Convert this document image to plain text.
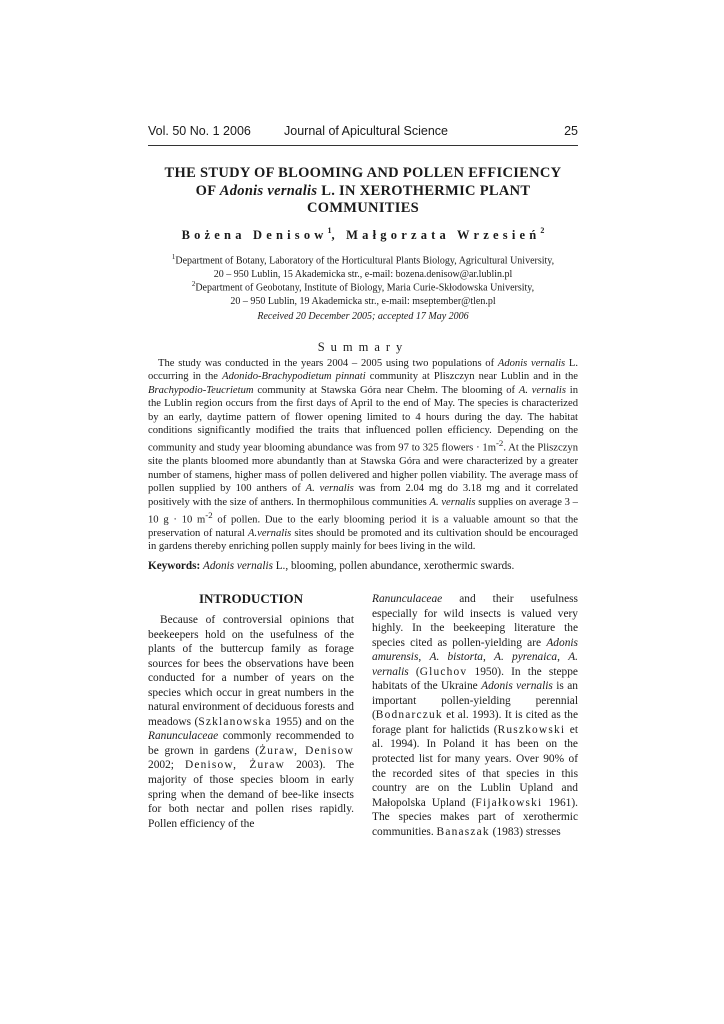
Vol. 50 No. 1 2006	Journal of Apicultural Science	25
THE STUDY OF BLOOMING AND POLLEN EFFICIENCY
OF Adonis vernalis L. IN XEROTHERMIC PLANT
COMMUNITIES
Bożena Denisow$^1$, Małgorzata Wrzesień$^2$
$^1$Department of Botany, Laboratory of the Horticultural Plants Biology, Agricultural University,
20 – 950 Lublin, 15 Akademicka str., e-mail: bozena.denisow@ar.lublin.pl
$^2$Department of Geobotany, Institute of Biology, Maria Curie-Skłodowska University,
20 – 950 Lublin, 19 Akademicka str., e-mail: mseptember@tlen.pl
Received 20 December 2005; accepted 17 May 2006
Summary

The study was conducted in the years 2004 – 2005 using two populations of Adonis vernalis L. occurring in the Adonido-Brachypodietum pinnati community at Pliszczyn near Lublin and in the Brachypodio-Teucrietum community at Stawska Góra near Chełm. The blooming of A. vernalis in the Lublin region occurs from the first days of April to the end of May. The species is characterized by an early, daytime pattern of flower opening limited to 4 hours during the day. The habitat conditions significantly modified the traits that influenced pollen efficiency. Depending on the community and study year blooming abundance was from 97 to 325 flowers · $1m^{-2}$. At the Pliszczyn site the plants bloomed more abundantly than at Stawska Góra and were characterized by a greater number of stamens, higher mass of pollen delivered and higher pollen viability. The average mass of pollen supplied by 100 anthers of A. vernalis was from 2.04 mg do 3.18 mg and it correlated positively with the size of anthers. In thermophilous communities A. vernalis supplies on average 3 – 10 g · 10 $m^{-2}$ of pollen. Due to the early blooming period it is a valuable amount so that the preservation of natural A.vernalis sites should be promoted and its cultivation should be encouraged in gardens thereby enriching pollen supply mainly for bees living in the wild.

Keywords: Adonis vernalis L., blooming, pollen abundance, xerothermic swards.
INTRODUCTION

Because of controversial opinions that beekeepers hold on the usefulness of the plants of the buttercup family as forage sources for bees the observations have been conducted for a number of years on the species which occur in great numbers in the natural environment of deciduous forests and meadows (Szklanowska 1955) and on the Ranunculaceae commonly recommended to be grown in gardens (Żuraw, Denisow 2002; Denisow, Żuraw 2003). The majority of those species bloom in early spring when the demand of bee-like insects for both nectar and pollen rises rapidly. Pollen efficiency of the

Ranunculaceae and their usefulness especially for wild insects is valued very highly. In the beekeeping literature the species cited as pollen-yielding are Adonis amurensis, A. bistorta, A. pyrenaica, A. vernalis (Gluchov 1950). In the steppe habitats of the Ukraine Adonis vernalis is an important pollen-yielding perennial (Bodnarczuk et al. 1993). It is cited as the forage plant for halictids (Ruszkowski et al. 1994). In Poland it has been on the protected list for many years. Over 90% of the recorded sites of that species in this country are on the Lublin Upland and Małopolska Upland (Fijałkowski 1961). The species makes part of xerothermic communities. Banaszak (1983) stresses
